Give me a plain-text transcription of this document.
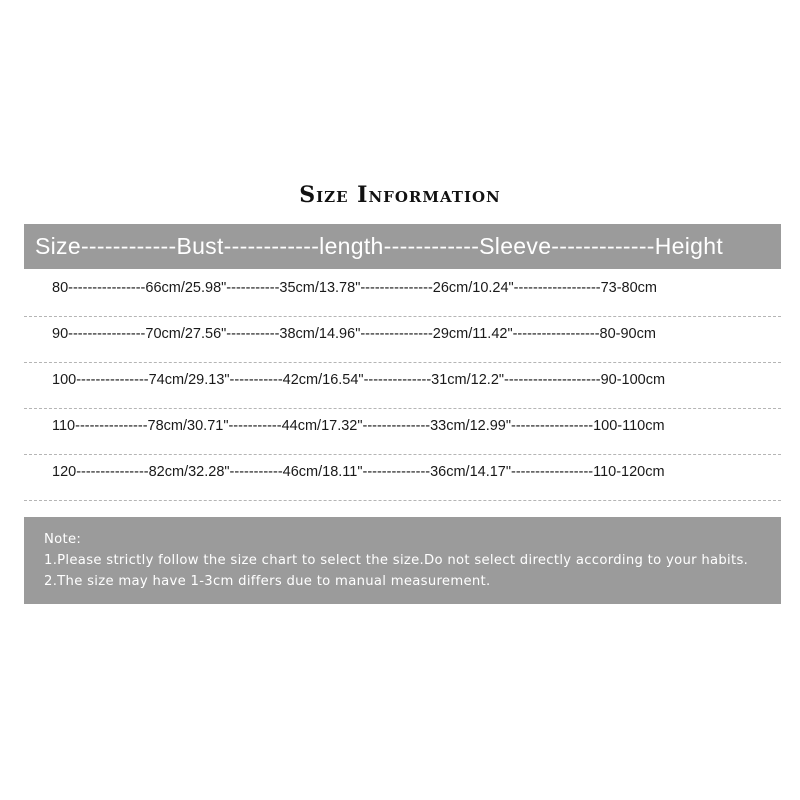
Size Information
Size------------Bust------------length------------Sleeve-------------Height
80----------------66cm/25.98"-----------35cm/13.78"---------------26cm/10.24"------------------73-80cm
90----------------70cm/27.56"-----------38cm/14.96"---------------29cm/11.42"------------------80-90cm
100---------------74cm/29.13"-----------42cm/16.54"--------------31cm/12.2"--------------------90-100cm
110---------------78cm/30.71"-----------44cm/17.32"--------------33cm/12.99"-----------------100-110cm
120---------------82cm/32.28"-----------46cm/18.11"--------------36cm/14.17"-----------------110-120cm
Note:
1.Please strictly follow the size chart to select the size.Do not select directly according to your habits.
2.The size may have 1-3cm differs due to manual measurement.
